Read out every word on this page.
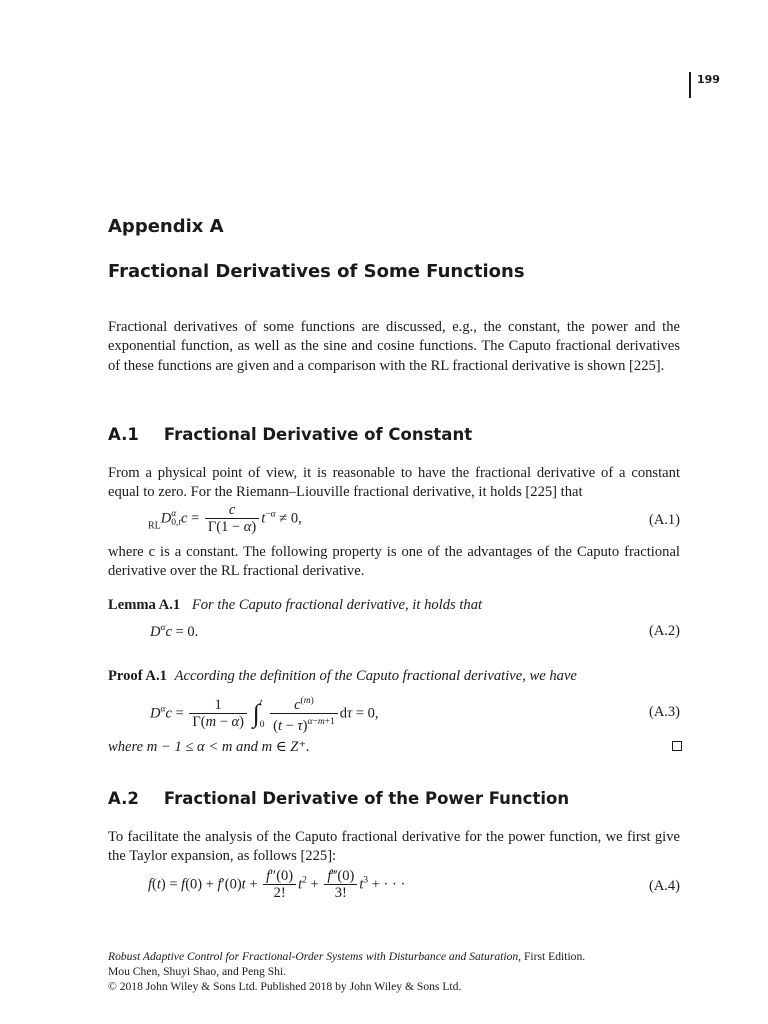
199
Appendix A
Fractional Derivatives of Some Functions
Fractional derivatives of some functions are discussed, e.g., the constant, the power and the exponential function, as well as the sine and cosine functions. The Caputo fractional derivatives of these functions are given and a comparison with the RL fractional derivative is shown [225].
A.1 Fractional Derivative of Constant
From a physical point of view, it is reasonable to have the fractional derivative of a constant equal to zero. For the Riemann–Liouville fractional derivative, it holds [225] that
$_{RL}$Dα
$0,tc = \frac{c}{\Gamma(1 - \alpha)} t^{-\alpha} \ne 0$,	(A.1)
where c is a constant. The following property is one of the advantages of the Caputo fractional derivative over the RL fractional derivative.
Lemma A.1 For the Caputo fractional derivative, it holds that
$D^\alpha c = 0$.	(A.2)
Proof A.1 According the definition of the Caputo fractional derivative, we have
$D^\alpha c = \frac{1}{\Gamma(m - \alpha)} \int t$
$0 \frac{c^{(m)}}{(t - \tau)^{\alpha-m+1}}$ dτ = 0,	(A.3)
where m − 1 ≤ α < m and m ∈ Z⁺.
A.2 Fractional Derivative of the Power Function
To facilitate the analysis of the Caputo fractional derivative for the power function, we first give the Taylor expansion, as follows [225]:
$f(t) = f(0) + f'(0)t + \frac{f''(0)}{2!} t^2 + \frac{f‴(0)}{3!} t^3$ + · · ·	(A.4)
Robust Adaptive Control for Fractional-Order Systems with Disturbance and Saturation, First Edition.
Mou Chen, Shuyi Shao, and Peng Shi.
© 2018 John Wiley & Sons Ltd. Published 2018 by John Wiley & Sons Ltd.
